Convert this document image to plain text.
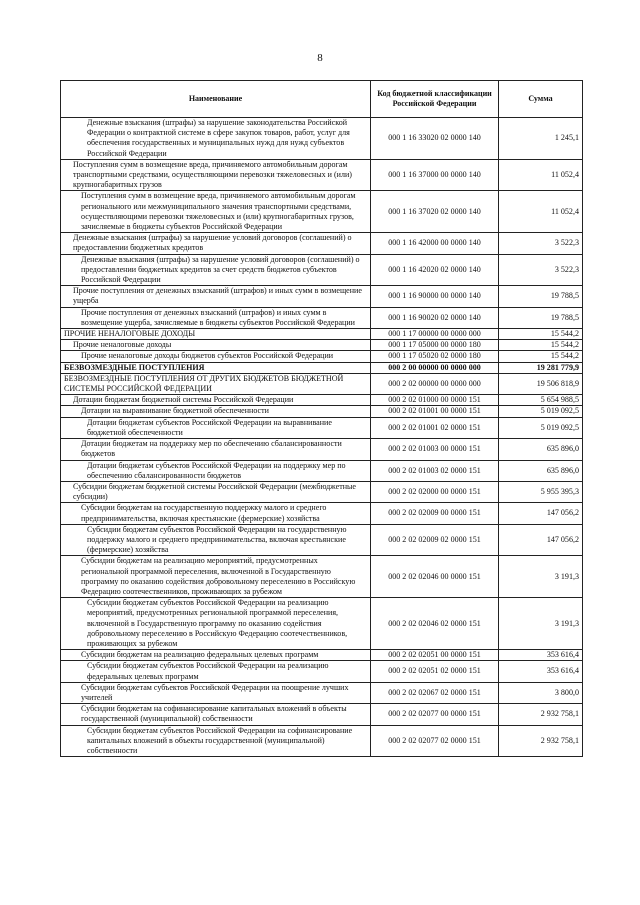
8
Наименование	Код бюджетной классификации Российской Федерации	Сумма
Денежные взыскания (штрафы) за нарушение законодательства Российской Федерации о контрактной системе в сфере закупок товаров, работ, услуг для обеспечения государственных и муниципальных нужд для нужд субъектов Российской Федерации	000 1 16 33020 02 0000 140	1 245,1
Поступления сумм в возмещение вреда, причиняемого автомобильным дорогам транспортными средствами, осуществляющими перевозки тяжеловесных и (или) крупногабаритных грузов	000 1 16 37000 00 0000 140	11 052,4
Поступления сумм в возмещение вреда, причиняемого автомобильным дорогам регионального или межмуниципального значения транспортными средствами, осуществляющими перевозки тяжеловесных и (или) крупногабаритных грузов, зачисляемые в бюджеты субъектов Российской Федерации	000 1 16 37020 02 0000 140	11 052,4
Денежные взыскания (штрафы) за нарушение условий договоров (соглашений) о предоставлении бюджетных кредитов	000 1 16 42000 00 0000 140	3 522,3
Денежные взыскания (штрафы) за нарушение условий договоров (соглашений) о предоставлении бюджетных кредитов за счет средств бюджетов субъектов Российской Федерации	000 1 16 42020 02 0000 140	3 522,3
Прочие поступления от денежных взысканий (штрафов) и иных сумм в возмещение ущерба	000 1 16 90000 00 0000 140	19 788,5
Прочие поступления от денежных взысканий (штрафов) и иных сумм в возмещение ущерба, зачисляемые в бюджеты субъектов Российской Федерации	000 1 16 90020 02 0000 140	19 788,5
ПРОЧИЕ НЕНАЛОГОВЫЕ ДОХОДЫ	000 1 17 00000 00 0000 000	15 544,2
Прочие неналоговые доходы	000 1 17 05000 00 0000 180	15 544,2
Прочие неналоговые доходы бюджетов субъектов Российской Федерации	000 1 17 05020 02 0000 180	15 544,2
БЕЗВОЗМЕЗДНЫЕ ПОСТУПЛЕНИЯ	000 2 00 00000 00 0000 000	19 281 779,9
БЕЗВОЗМЕЗДНЫЕ ПОСТУПЛЕНИЯ ОТ ДРУГИХ БЮДЖЕТОВ БЮДЖЕТНОЙ СИСТЕМЫ РОССИЙСКОЙ ФЕДЕРАЦИИ	000 2 02 00000 00 0000 000	19 506 818,9
Дотации бюджетам бюджетной системы Российской Федерации	000 2 02 01000 00 0000 151	5 654 988,5
Дотации на выравнивание бюджетной обеспеченности	000 2 02 01001 00 0000 151	5 019 092,5
Дотации бюджетам субъектов Российской Федерации на выравнивание бюджетной обеспеченности	000 2 02 01001 02 0000 151	5 019 092,5
Дотации бюджетам на поддержку мер по обеспечению сбалансированности бюджетов	000 2 02 01003 00 0000 151	635 896,0
Дотации бюджетам субъектов Российской Федерации на поддержку мер по обеспечению сбалансированности бюджетов	000 2 02 01003 02 0000 151	635 896,0
Субсидии бюджетам бюджетной системы Российской Федерации (межбюджетные субсидии)	000 2 02 02000 00 0000 151	5 955 395,3
Субсидии бюджетам на государственную поддержку малого и среднего предпринимательства, включая крестьянские (фермерские) хозяйства	000 2 02 02009 00 0000 151	147 056,2
Субсидии бюджетам субъектов Российской Федерации на государственную поддержку малого и среднего предпринимательства, включая крестьянские (фермерские) хозяйства	000 2 02 02009 02 0000 151	147 056,2
Субсидии бюджетам на реализацию мероприятий, предусмотренных региональной программой переселения, включенной в Государственную программу по оказанию содействия добровольному переселению в Российскую Федерацию соотечественников, проживающих за рубежом	000 2 02 02046 00 0000 151	3 191,3
Субсидии бюджетам субъектов Российской Федерации на реализацию мероприятий, предусмотренных региональной программой переселения, включенной в Государственную программу по оказанию содействия добровольному переселению в Российскую Федерацию соотечественников, проживающих за рубежом	000 2 02 02046 02 0000 151	3 191,3
Субсидии бюджетам на реализацию федеральных целевых программ	000 2 02 02051 00 0000 151	353 616,4
Субсидии бюджетам субъектов Российской Федерации на реализацию федеральных целевых программ	000 2 02 02051 02 0000 151	353 616,4
Субсидии бюджетам субъектов Российской Федерации на поощрение лучших учителей	000 2 02 02067 02 0000 151	3 800,0
Субсидии бюджетам на софинансирование капитальных вложений в объекты государственной (муниципальной) собственности	000 2 02 02077 00 0000 151	2 932 758,1
Субсидии бюджетам субъектов Российской Федерации на софинансирование капитальных вложений в объекты государственной (муниципальной) собственности	000 2 02 02077 02 0000 151	2 932 758,1
